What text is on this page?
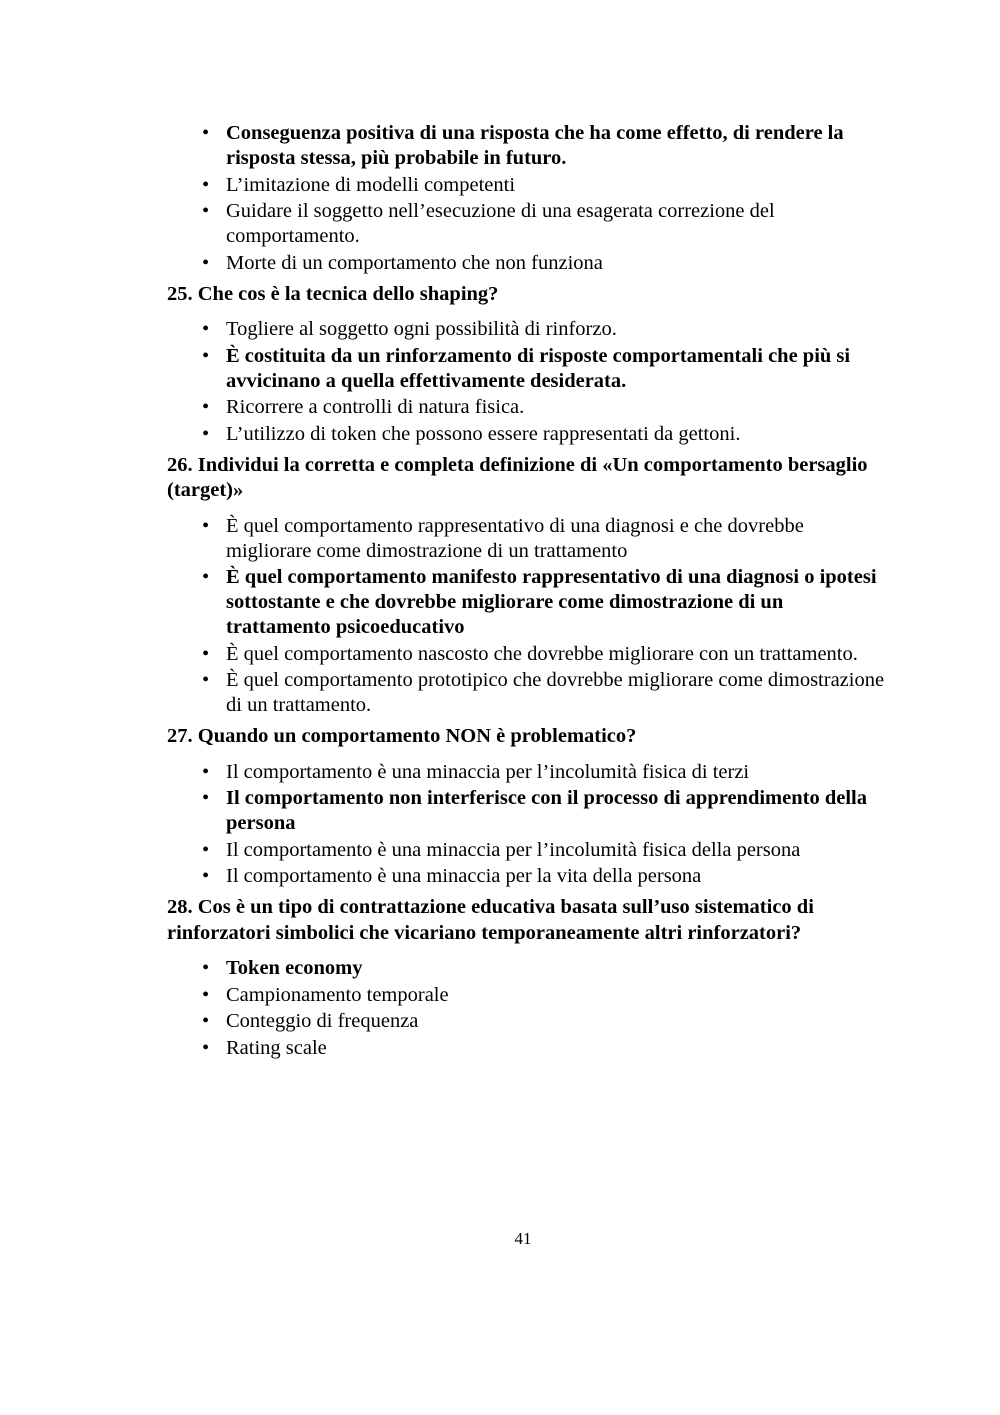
• Conseguenza positiva di una risposta che ha come effetto, di rendere la risposta stessa, più probabile in futuro.
• L’imitazione di modelli competenti
• Guidare il soggetto nell’esecuzione di una esagerata correzione del comportamento.
• Morte di un comportamento che non funziona

25. Che cos è la tecnica dello shaping?

• Togliere al soggetto ogni possibilità di rinforzo.
• È costituita da un rinforzamento di risposte comportamentali che più si avvicinano a quella effettivamente desiderata.
• Ricorrere a controlli di natura fisica.
• L’utilizzo di token che possono essere rappresentati da gettoni.

26. Individui la corretta e completa definizione di «Un comportamento bersaglio (target)»

• È quel comportamento rappresentativo di una diagnosi e che dovrebbe migliorare come dimostrazione di un trattamento
• È quel comportamento manifesto rappresentativo di una diagnosi o ipotesi sottostante e che dovrebbe migliorare come dimostrazione di un trattamento psicoeducativo
• È quel comportamento nascosto che dovrebbe migliorare con un trattamento.
• È quel comportamento prototipico che dovrebbe migliorare come dimostrazione di un trattamento.

27. Quando un comportamento NON è problematico?

• Il comportamento è una minaccia per l’incolumità fisica di terzi
• Il comportamento non interferisce con il processo di apprendimento della persona
• Il comportamento è una minaccia per l’incolumità fisica della persona
• Il comportamento è una minaccia per la vita della persona

28. Cos è un tipo di contrattazione educativa basata sull’uso sistematico di rinforzatori simbolici che vicariano temporaneamente altri rinforzatori?

• Token economy
• Campionamento temporale
• Conteggio di frequenza
• Rating scale
41
